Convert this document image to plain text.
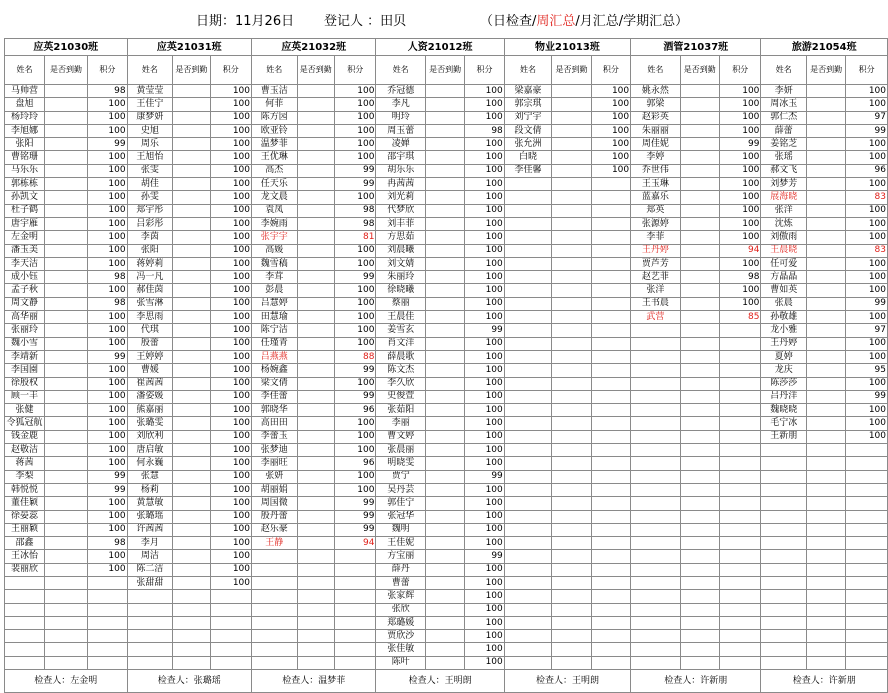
日期：11月26日 登记人 ：田贝	（日检查/周汇总/月汇总/学期汇总）
应英21030班			应英21031班			应英21032班			人资21012班			物业21013班			酒管21037班			旅游21054班		
姓名	是否到勤	积分	姓名	是否到勤	积分	姓名	是否到勤	积分	姓名	是否到勤	积分	姓名	是否到勤	积分	姓名	是否到勤	积分	姓名	是否到勤	积分
马帅营		98	黄莹莹		100	曹玉洁		100	乔冠德		100	梁嘉豪		100	姚永然		100	李妍		100
盘旭		100	王佳宁		100	何菲		100	李凡		100	郭宗琪		100	郭梁		100	周冰玉		100
杨玲玲		100	康梦妍		100	陈方园		100	明玲		100	刘宁宇		100	赵彩英		100	郭仁杰		97
李旭娜		100	史旭		100	欧亚铃		100	周玉蕾		98	段文倩		100	朱丽丽		100	薛蕾		99
张阳		99	周乐		100	温梦菲		100	凌婵		100	张允洲		100	周佳妮		99	姜铭芝		100
曹铭珊		100	王旭怡		100	王优琳		100	邵宇琪		100	白晓		100	李婷		100	张瑶		100
马乐乐		100	张雯		100	高杰		99	胡乐乐		100	李佳馨		100	乔世伟		100	郝文飞		96
郭栋栋		100	胡佳		100	任天乐		99	冉茜茜		100				王玉琳		100	刘梦芳		100
孙凯文		100	孙雯		100	龙文晨		100	刘光莉		100				蓝嘉乐		100	展海晓		83
杜子鹤		100	郑宇彤		100	袁凤		98	代梦欣		100				郑英		100	张洋		100
唐宇雁		100	吕彩彤		100	李婉雨		98	刘丰菲		100				张源婷		100	沈炼		100
左金明		100	李茵		100	张宇宇		81	方思茹		100				李菲		100	刘傲雨		100
潘玉美		100	张阳		100	高媛		100	刘晨曦		100				王丹婷		94	王晨晓		83
李天洁		100	蒋婷莉		100	魏雪稿		100	刘文婧		100				贾芦芳		100	任可爱		100
成小钰		98	冯一凡		100	李茸		99	朱丽玲		100				赵艺菲		98	方晶晶		100
孟子秋		100	郝佳茵		100	彭晨		100	徐晓曦		100				张洋		100	曹如英		100
周文静		98	张雪淋		100	吕慧婷		100	蔡丽		100				王书晨		100	张晨		99
高华丽		100	李思雨		100	田慧瑜		100	王晨佳		100				武营		85	孙敬雄		100
张丽玲		100	代琪		100	陈宁洁		100	姜雪玄		99							龙小雅		97
魏小雪		100	殷蕾		100	任瑾青		100	肖文洋		100							王丹婷		100
李靖新		99	王婷婷		100	吕燕燕		88	薛晨歌		100							夏婷		100
李国園		100	曹媛		100	杨婉鑫		99	陈文杰		100							龙庆		95
徐殷权		100	崔茜茜		100	梁文倩		100	李久欣		100							陈莎莎		100
顾一丰		100	潘姿媛		100	李佳蕾		99	史俊萱		100							吕丹洋		99
张健		100	熊嘉丽		100	郭晓华		96	张茹阳		100							魏晓晓		100
令狐冠航		100	张璐雯		100	高田田		100	李丽		100							毛宁冰		100
钱金鹿		100	刘欣利		100	李蕾玉		100	曹文婷		100							王新朋		100
赵敬洁		100	唐启敏		100	张梦迪		100	张晨丽		100									
蒋茜		100	何永巍		100	李丽旺		96	明晓雯		100									
李梨		99	张慧		100	张妍		100	贾宁		99									
韩悦悦		99	杨莉		100	胡丽娟		100	吴丹芸		100									
董佳颖		100	黄慧敏		100	周国微		99	郭佳宁		100									
徐晏蕊		100	张璐瑶		100	殷丹蕾		99	张冠华		100									
王丽颖		100	许茜茜		100	赵乐豪		99	魏明		100									
邵鑫		98	李月		100	王静		94	王佳妮		100									
王冰怡		100	周洁		100				方宝丽		99									
裴丽欣		100	陈二洁		100				薛丹		100									
			张甜甜		100				曹蕾		100									
									张家辉		100									
									张欣		100									
									郑璐媛		100									
									贾欣沙		100									
									张佳敏		100									
									陈叶		100									
检查人：左金明			检查人：张璐瑶			检查人：温梦菲			检查人：王明朗			检查人：王明朗			检查人：许新朋			检查人：许新朋		
